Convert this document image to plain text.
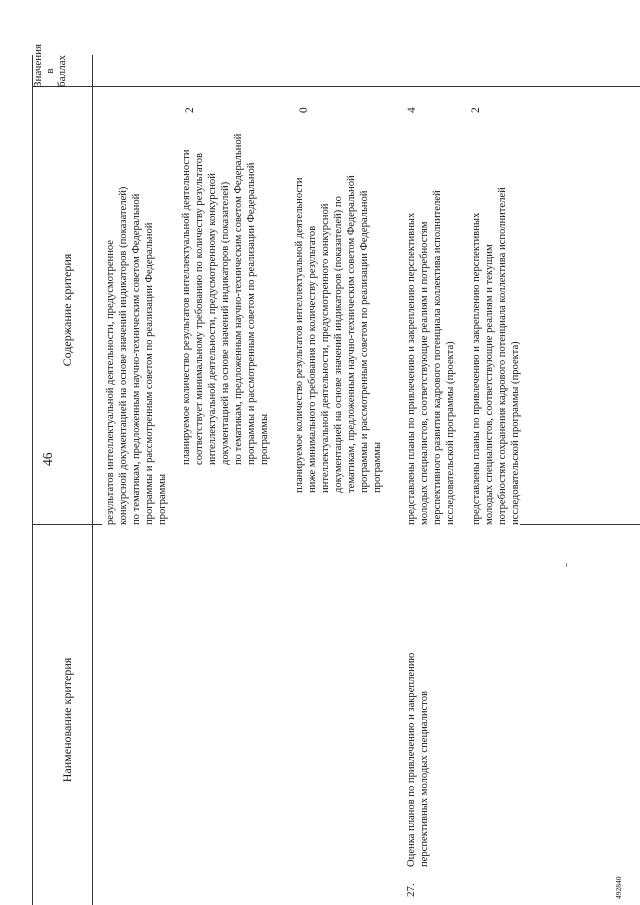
46
Наименование критерия
Содержание критерия
Значения в баллах
результатов интеллектуальной деятельности, предусмотренное конкурсной документацией на основе значений индикаторов (показателей) по тематикам, предложенным научно-техническим советом Федеральной программы и рассмотренным советом по реализации Федеральной программы
планируемое количество результатов интеллектуальной деятельности соответствует минимальному требованию по количеству результатов интеллектуальной деятельности, предусмотренному конкурсной документацией на основе значений индикаторов (показателей) по тематикам, предложенным научно-техническим советом Федеральной программы и рассмотренным советом по реализации Федеральной программы
2
планируемое количество результатов интеллектуальной деятельности ниже минимального требования по количеству результатов интеллектуальной деятельности, предусмотренного конкурсной документацией на основе значений индикаторов (показателей) по тематикам, предложенным научно-техническим советом Федеральной программы и рассмотренным советом по реализации Федеральной программы
0
27.
Оценка планов по привлечению и закреплению перспективных молодых специалистов
представлены планы по привлечению и закреплению перспективных молодых специалистов, соответствующие реалиям и потребностям перспективного развития кадрового потенциала коллектива исполнителей исследовательской программы (проекта)
4
представлены планы по привлечению и закреплению перспективных молодых специалистов, соответствующие реалиям и текущим потребностям сохранения кадрового потенциала коллектива исполнителей исследовательской программы (проекта)
2
492840
